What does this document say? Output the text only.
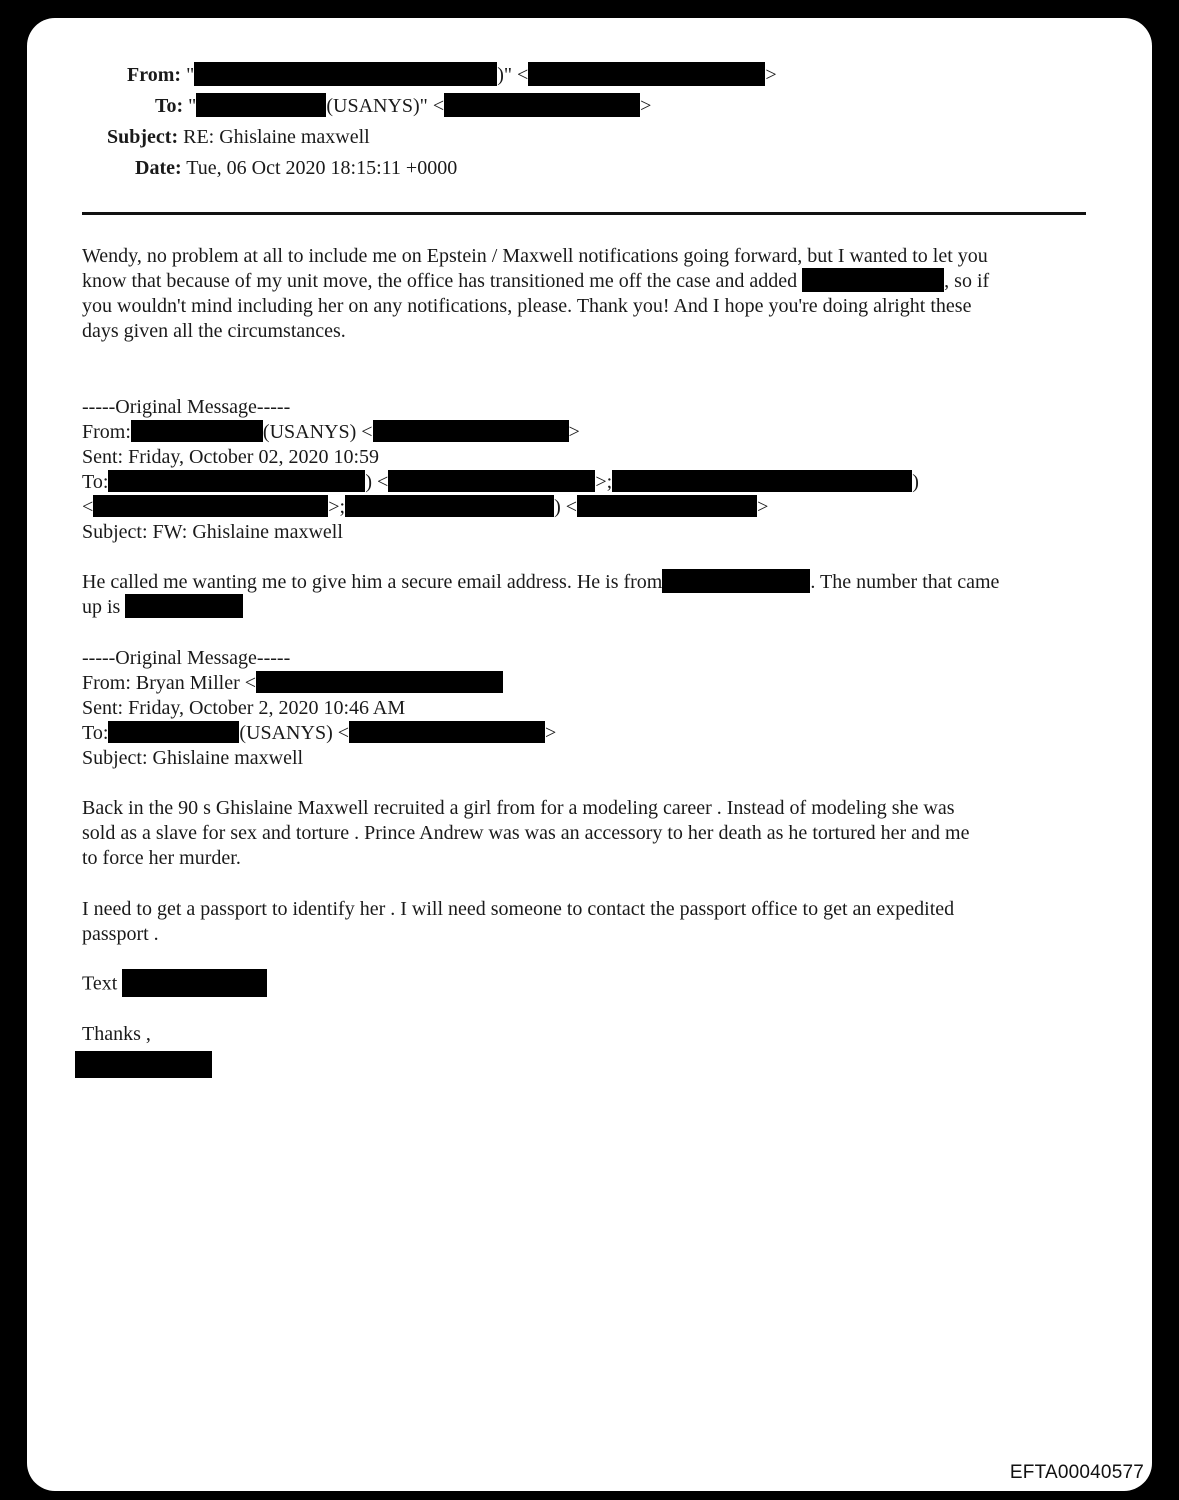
From: "	)" <	>
To: "	(USANYS)" <	>
Subject: RE: Ghislaine maxwell
Date: Tue, 06 Oct 2020 18:15:11 +0000
Wendy, no problem at all to include me on Epstein / Maxwell notifications going forward, but I wanted to let you
know that because of my unit move, the office has transitioned me off the case and added	, so if
you wouldn't mind including her on any notifications, please. Thank you! And I hope you're doing alright these
days given all the circumstances.
-----Original Message-----
From:	(USANYS) <	>
Sent: Friday, October 02, 2020 10:59
To:	) <	>;	)
<	>;	) <	>
Subject: FW: Ghislaine maxwell
He called me wanting me to give him a secure email address. He is from	. The number that came
up is
-----Original Message-----
From: Bryan Miller <
Sent: Friday, October 2, 2020 10:46 AM
To:	(USANYS) <	>
Subject: Ghislaine maxwell
Back in the 90 s Ghislaine Maxwell recruited a girl from for a modeling career . Instead of modeling she was
sold as a slave for sex and torture . Prince Andrew was was an accessory to her death as he tortured her and me
to force her murder.
I need to get a passport to identify her . I will need someone to contact the passport office to get an expedited
passport .
Text
Thanks ,
EFTA00040577
